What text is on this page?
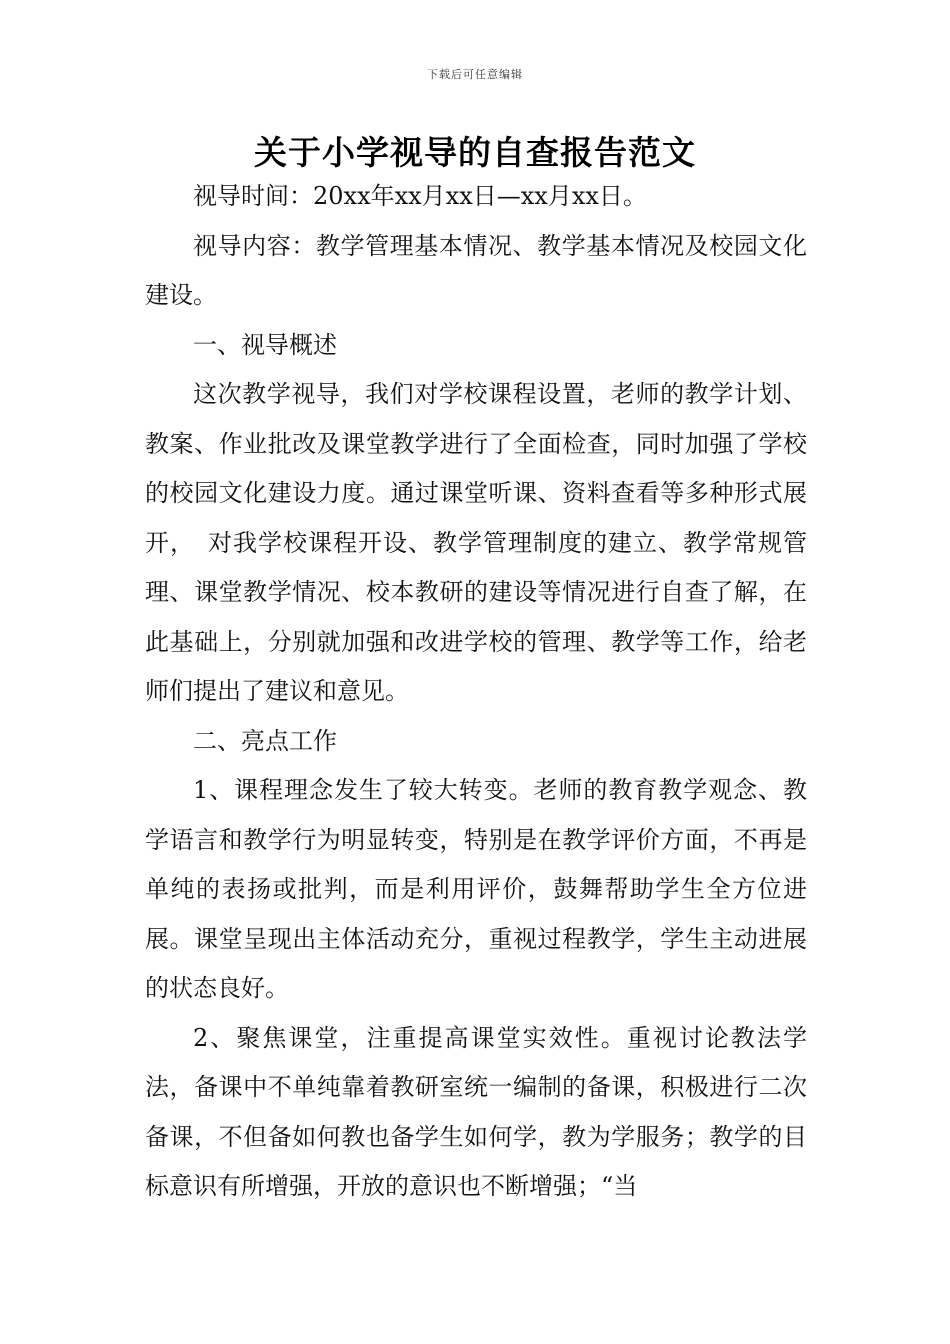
下载后可任意编辑
关于小学视导的自查报告范文

视导时间：20xx年xx月xx日—xx月xx日。

视导内容：教学管理基本情况、教学基本情况及校园文化建设。

一、视导概述

这次教学视导，我们对学校课程设置，老师的教学计划、教案、作业批改及课堂教学进行了全面检查，同时加强了学校的校园文化建设力度。通过课堂听课、资料查看等多种形式展开，　对我学校课程开设、教学管理制度的建立、教学常规管理、课堂教学情况、校本教研的建设等情况进行自查了解，在此基础上，分别就加强和改进学校的管理、教学等工作，给老师们提出了建议和意见。

二、亮点工作

1、课程理念发生了较大转变。老师的教育教学观念、教学语言和教学行为明显转变，特别是在教学评价方面，不再是单纯的表扬或批判，而是利用评价，鼓舞帮助学生全方位进展。课堂呈现出主体活动充分，重视过程教学，学生主动进展的状态良好。

2、聚焦课堂，注重提高课堂实效性。重视讨论教法学法，备课中不单纯靠着教研室统一编制的备课，积极进行二次备课，不但备如何教也备学生如何学，教为学服务；教学的目标意识有所增强，开放的意识也不断增强；“当
